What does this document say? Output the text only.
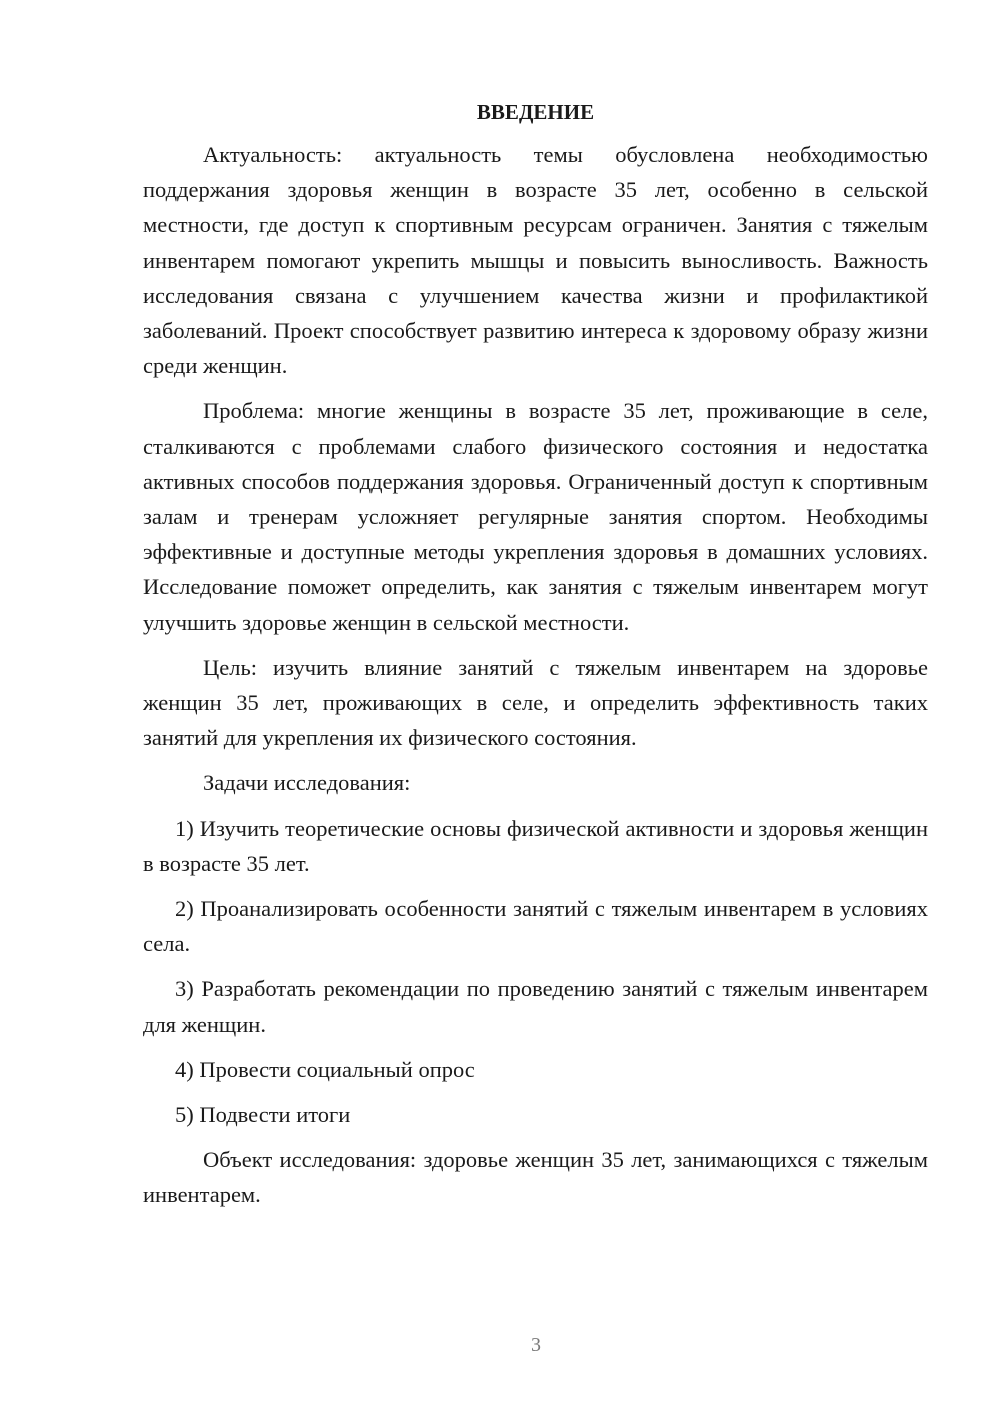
ВВЕДЕНИЕ

Актуальность: актуальность темы обусловлена необходимостью поддержания здоровья женщин в возрасте 35 лет, особенно в сельской местности, где доступ к спортивным ресурсам ограничен. Занятия с тяжелым инвентарем помогают укрепить мышцы и повысить выносливость. Важность исследования связана с улучшением качества жизни и профилактикой заболеваний. Проект способствует развитию интереса к здоровому образу жизни среди женщин.

Проблема: многие женщины в возрасте 35 лет, проживающие в селе, сталкиваются с проблемами слабого физического состояния и недостатка активных способов поддержания здоровья. Ограниченный доступ к спортивным залам и тренерам усложняет регулярные занятия спортом. Необходимы эффективные и доступные методы укрепления здоровья в домашних условиях. Исследование поможет определить, как занятия с тяжелым инвентарем могут улучшить здоровье женщин в сельской местности.

Цель: изучить влияние занятий с тяжелым инвентарем на здоровье женщин 35 лет, проживающих в селе, и определить эффективность таких занятий для укрепления их физического состояния.

Задачи исследования:

1) Изучить теоретические основы физической активности и здоровья женщин в возрасте 35 лет.

2) Проанализировать особенности занятий с тяжелым инвентарем в условиях села.

3) Разработать рекомендации по проведению занятий с тяжелым инвентарем для женщин.

4) Провести социальный опрос

5) Подвести итоги

Объект исследования: здоровье женщин 35 лет, занимающихся с тяжелым инвентарем.

3
